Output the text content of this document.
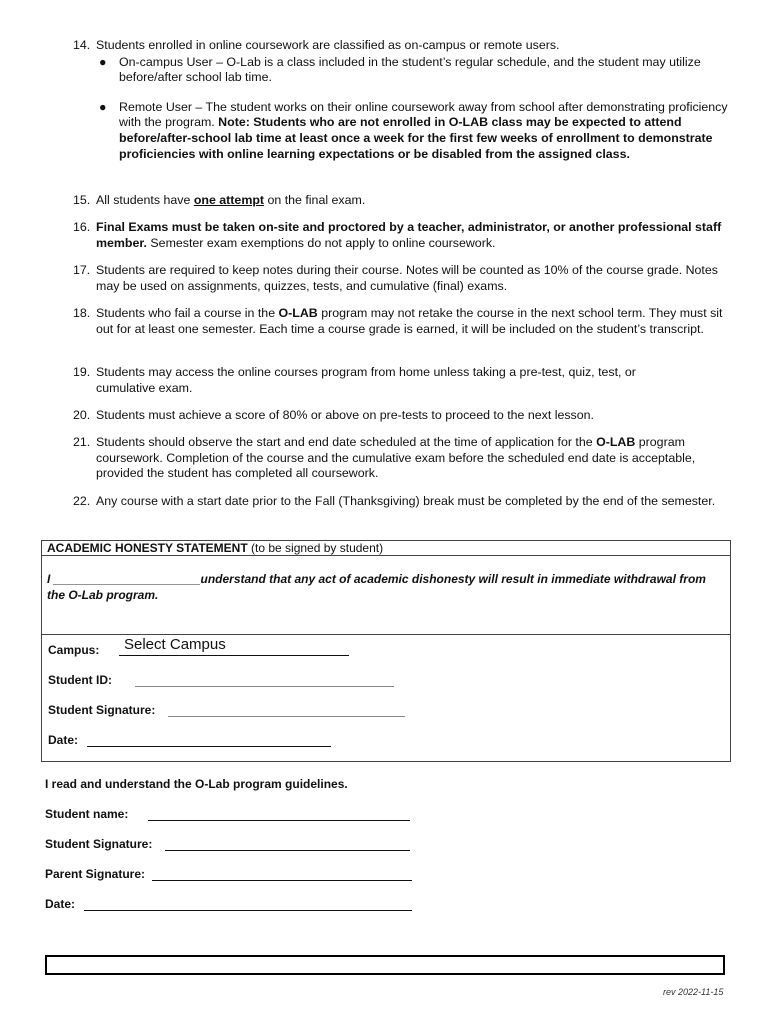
14. Students enrolled in online coursework are classified as on-campus or remote users.
● On-campus User – O-Lab is a class included in the student’s regular schedule, and the student may utilize before/after school lab time.
● Remote User – The student works on their online coursework away from school after demonstrating proficiency with the program. Note: Students who are not enrolled in O-LAB class may be expected to attend before/after-school lab time at least once a week for the first few weeks of enrollment to demonstrate proficiencies with online learning expectations or be disabled from the assigned class.
15. All students have one attempt on the final exam.
16. Final Exams must be taken on-site and proctored by a teacher, administrator, or another professional staff member. Semester exam exemptions do not apply to online coursework.
17. Students are required to keep notes during their course. Notes will be counted as 10% of the course grade. Notes may be used on assignments, quizzes, tests, and cumulative (final) exams.
18. Students who fail a course in the O-LAB program may not retake the course in the next school term. They must sit out for at least one semester. Each time a course grade is earned, it will be included on the student’s transcript.
19. Students may access the online courses program from home unless taking a pre-test, quiz, test, or cumulative exam.
20. Students must achieve a score of 80% or above on pre-tests to proceed to the next lesson.
21. Students should observe the start and end date scheduled at the time of application for the O-LAB program coursework. Completion of the course and the cumulative exam before the scheduled end date is acceptable, provided the student has completed all coursework.
22. Any course with a start date prior to the Fall (Thanksgiving) break must be completed by the end of the semester.
ACADEMIC HONESTY STATEMENT (to be signed by student)
I ______________________understand that any act of academic dishonesty will result in immediate withdrawal from the O-Lab program.
Campus: Select Campus
Student ID:
Student Signature:
Date:
I read and understand the O-Lab program guidelines.
Student name:
Student Signature:
Parent Signature:
Date:
rev 2022-11-15
